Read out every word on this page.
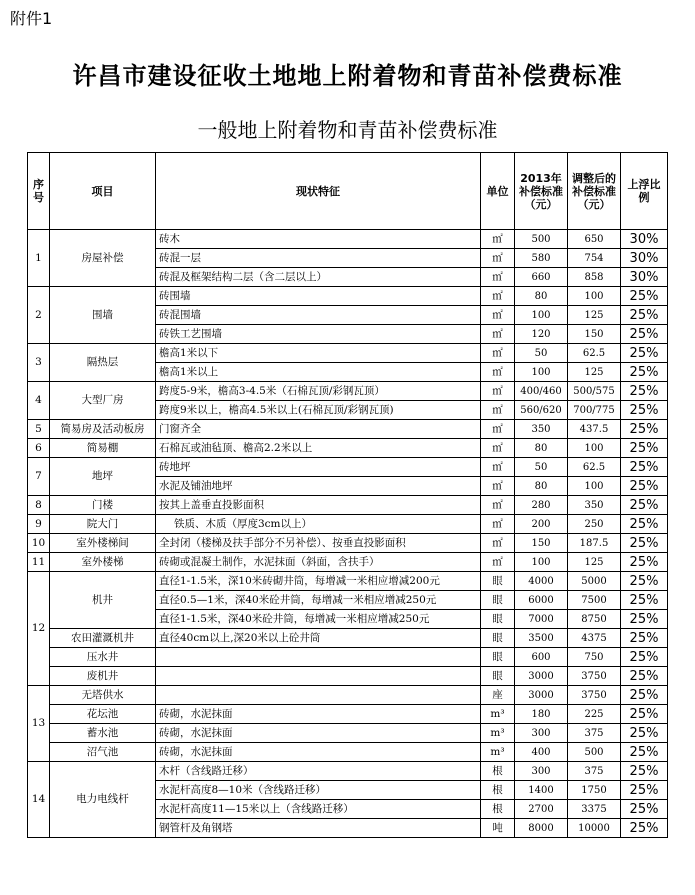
附件1
许昌市建设征收土地地上附着物和青苗补偿费标准
一般地上附着物和青苗补偿费标准
序号	项目	现状特征	单位	2013年补偿标准（元）	调整后的补偿标准（元）	上浮比例
1	房屋补偿	砖木	㎡	500	650	30%
		砖混一层	㎡	580	754	30%
		砖混及框架结构二层（含二层以上）	㎡	660	858	30%
2	围墙	砖围墙	㎡	80	100	25%
		砖混围墙	㎡	100	125	25%
		砖铁工艺围墙	㎡	120	150	25%
3	隔热层	檐高1米以下	㎡	50	62.5	25%
		檐高1米以上	㎡	100	125	25%
4	大型厂房	跨度5-9米，檐高3-4.5米（石棉瓦顶/彩钢瓦顶）	㎡	400/460	500/575	25%
		跨度9米以上，檐高4.5米以上(石棉瓦顶/彩钢瓦顶)	㎡	560/620	700/775	25%
5	简易房及活动板房	门窗齐全	㎡	350	437.5	25%
6	简易棚	石棉瓦或油毡顶、檐高2.2米以上	㎡	80	100	25%
7	地坪	砖地坪	㎡	50	62.5	25%
		水泥及铺油地坪	㎡	80	100	25%
8	门楼	按其上盖垂直投影面积	㎡	280	350	25%
9	院大门	铁质、木质（厚度3cm以上）	㎡	200	250	25%
10	室外楼梯间	全封闭（楼梯及扶手部分不另补偿）、按垂直投影面积	㎡	150	187.5	25%
11	室外楼梯	砖砌或混凝土制作，水泥抹面（斜面，含扶手）	㎡	100	125	25%
12	机井	直径1-1.5米，深10米砖砌井筒，每增减一米相应增减200元	眼	4000	5000	25%
		直径0.5—1米，深40米砼井筒，每增减一米相应增减250元	眼	6000	7500	25%
		直径1-1.5米，深40米砼井筒，每增减一米相应增减250元	眼	7000	8750	25%
	农田灌溉机井	直径40cm以上,深20米以上砼井筒	眼	3500	4375	25%
	压水井		眼	600	750	25%
	废机井		眼	3000	3750	25%
13	无塔供水		座	3000	3750	25%
	花坛池	砖砌，水泥抹面	m³	180	225	25%
	蓄水池	砖砌，水泥抹面	m³	300	375	25%
	沼气池	砖砌，水泥抹面	m³	400	500	25%
14	电力电线杆	木杆（含线路迁移）	根	300	375	25%
		水泥杆高度8—10米（含线路迁移）	根	1400	1750	25%
		水泥杆高度11—15米以上（含线路迁移）	根	2700	3375	25%
		钢管杆及角钢塔	吨	8000	10000	25%
